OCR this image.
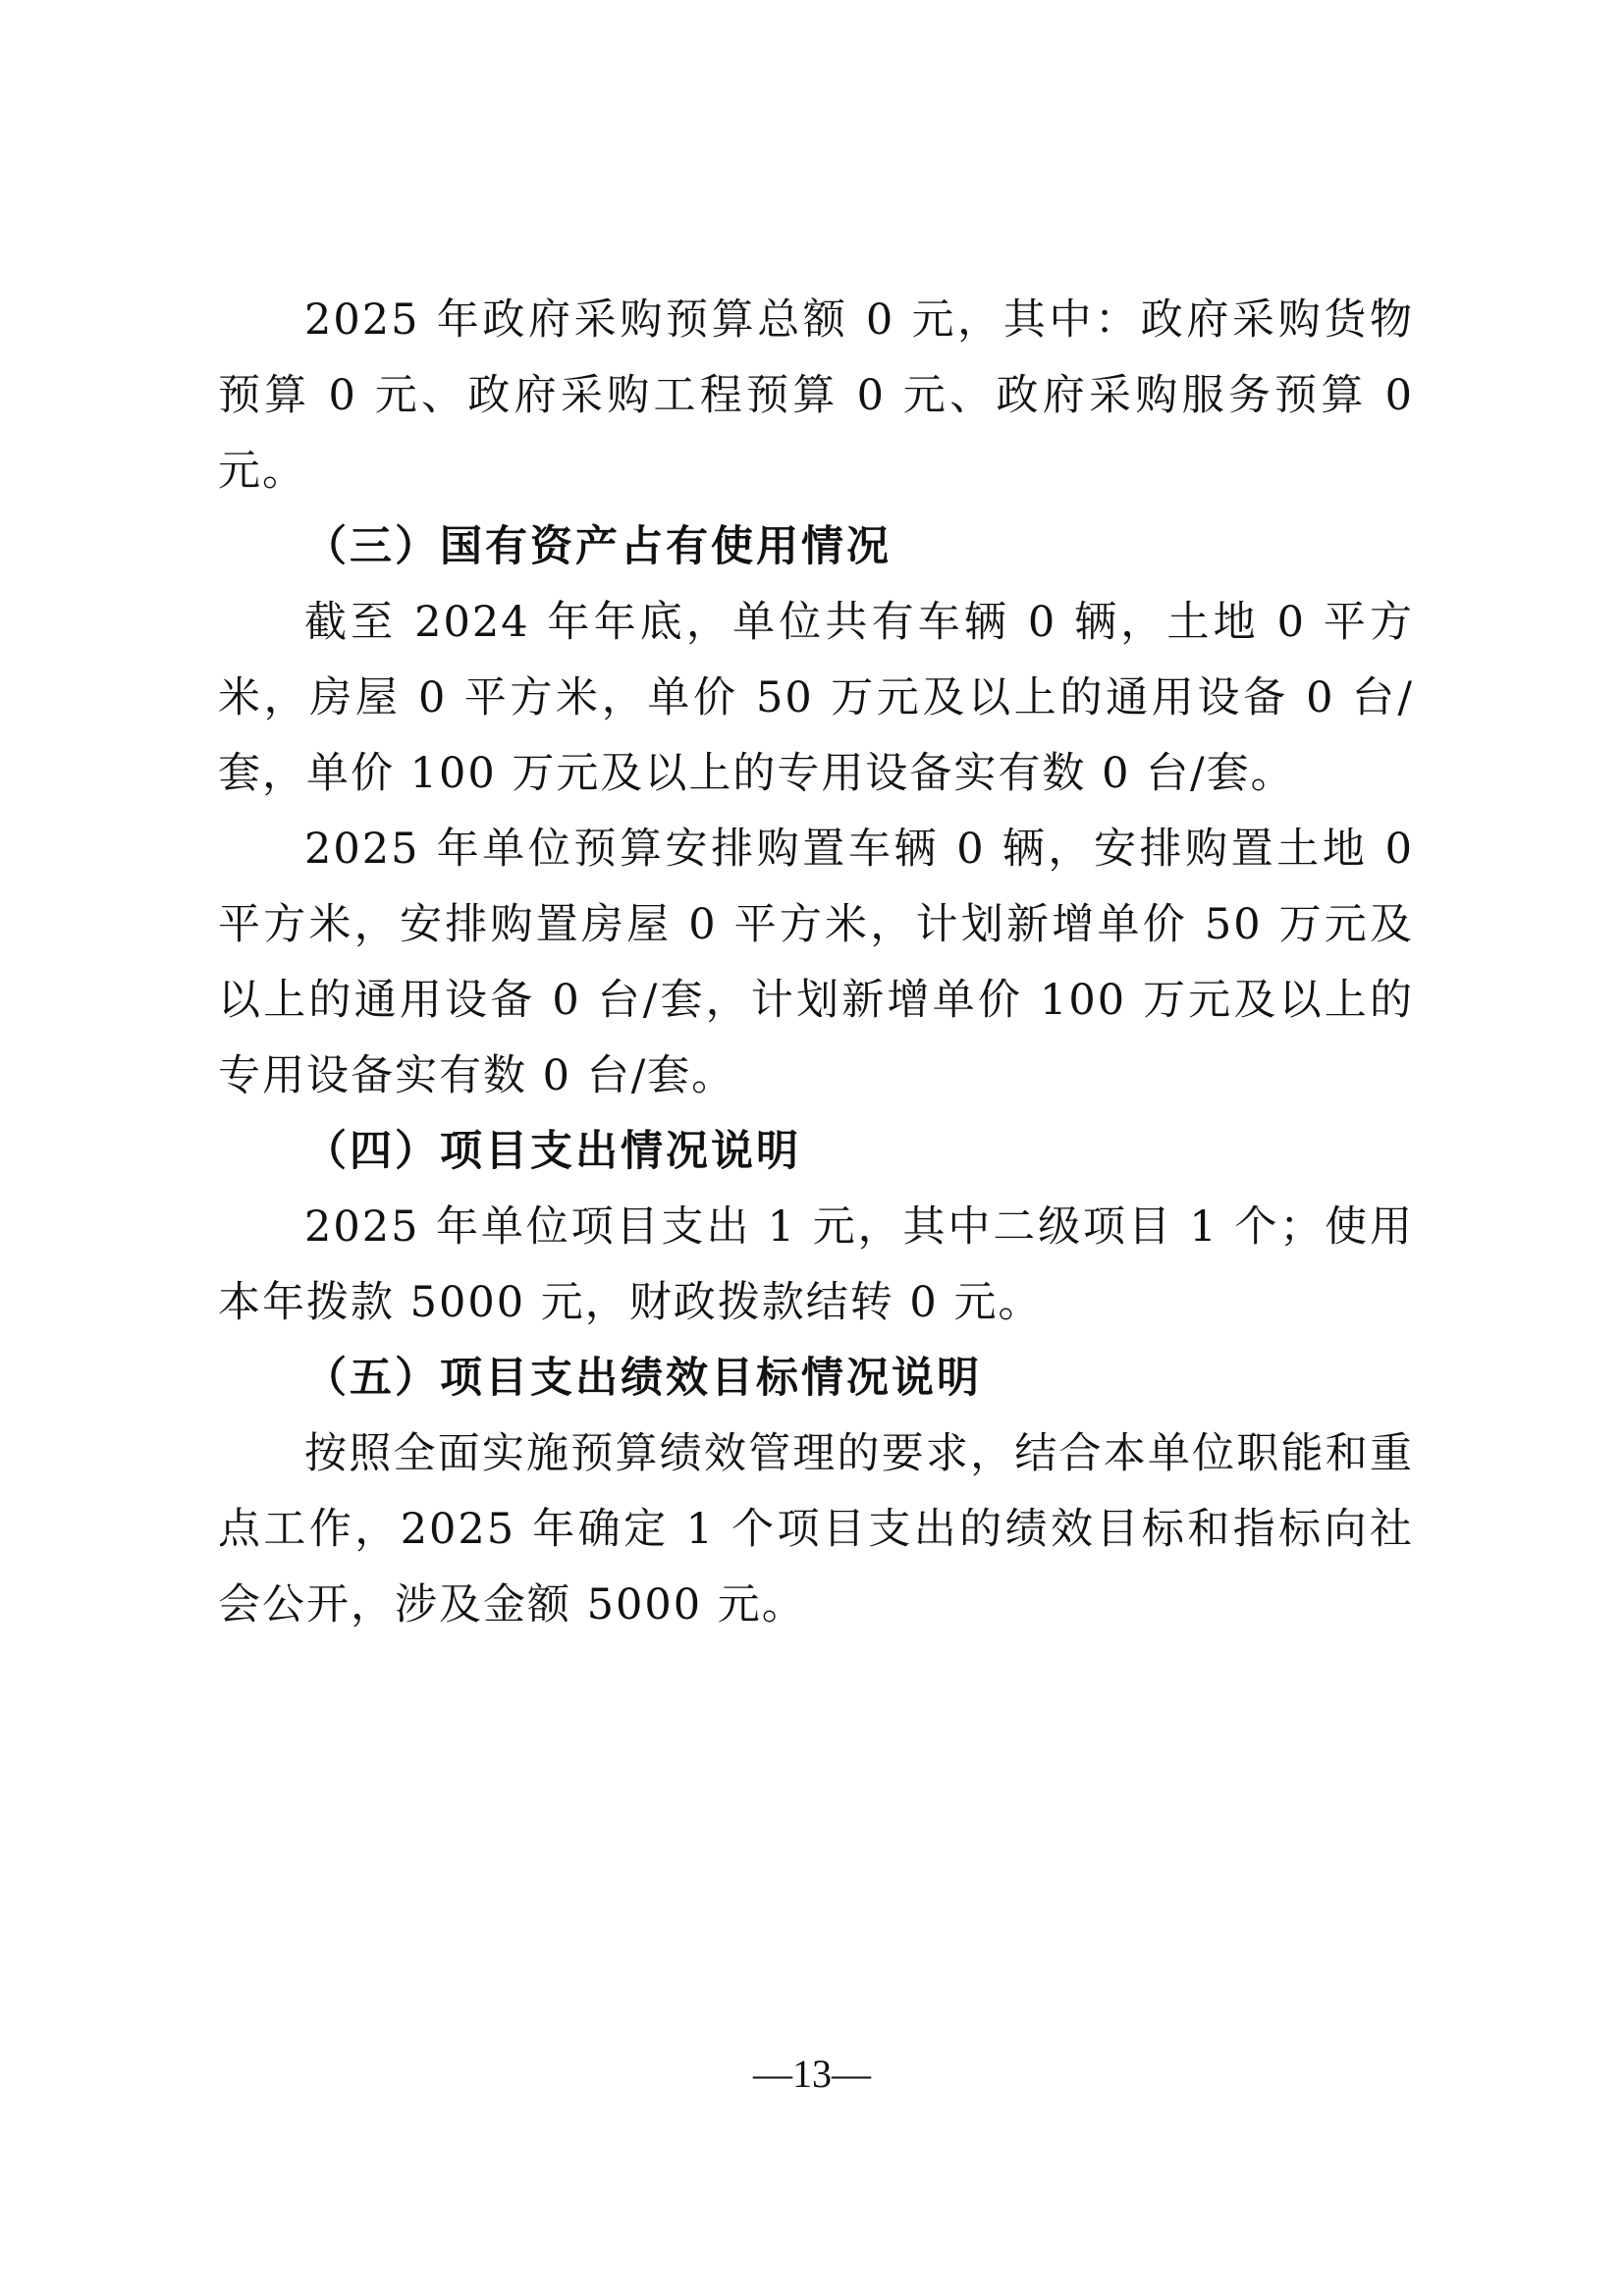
2025 年政府采购预算总额 0 元，其中：政府采购货物预算 0 元、政府采购工程预算 0 元、政府采购服务预算 0 元。

（三）国有资产占有使用情况

截至 2024 年年底，单位共有车辆 0 辆，土地 0 平方米，房屋 0 平方米，单价 50 万元及以上的通用设备 0 台/套，单价 100 万元及以上的专用设备实有数 0 台/套。

2025 年单位预算安排购置车辆 0 辆，安排购置土地 0 平方米，安排购置房屋 0 平方米，计划新增单价 50 万元及以上的通用设备 0 台/套，计划新增单价 100 万元及以上的专用设备实有数 0 台/套。

（四）项目支出情况说明

2025 年单位项目支出 1 元，其中二级项目 1 个；使用本年拨款 5000 元，财政拨款结转 0 元。

（五）项目支出绩效目标情况说明

按照全面实施预算绩效管理的要求，结合本单位职能和重点工作，2025 年确定 1 个项目支出的绩效目标和指标向社会公开，涉及金额 5000 元。

—13—
